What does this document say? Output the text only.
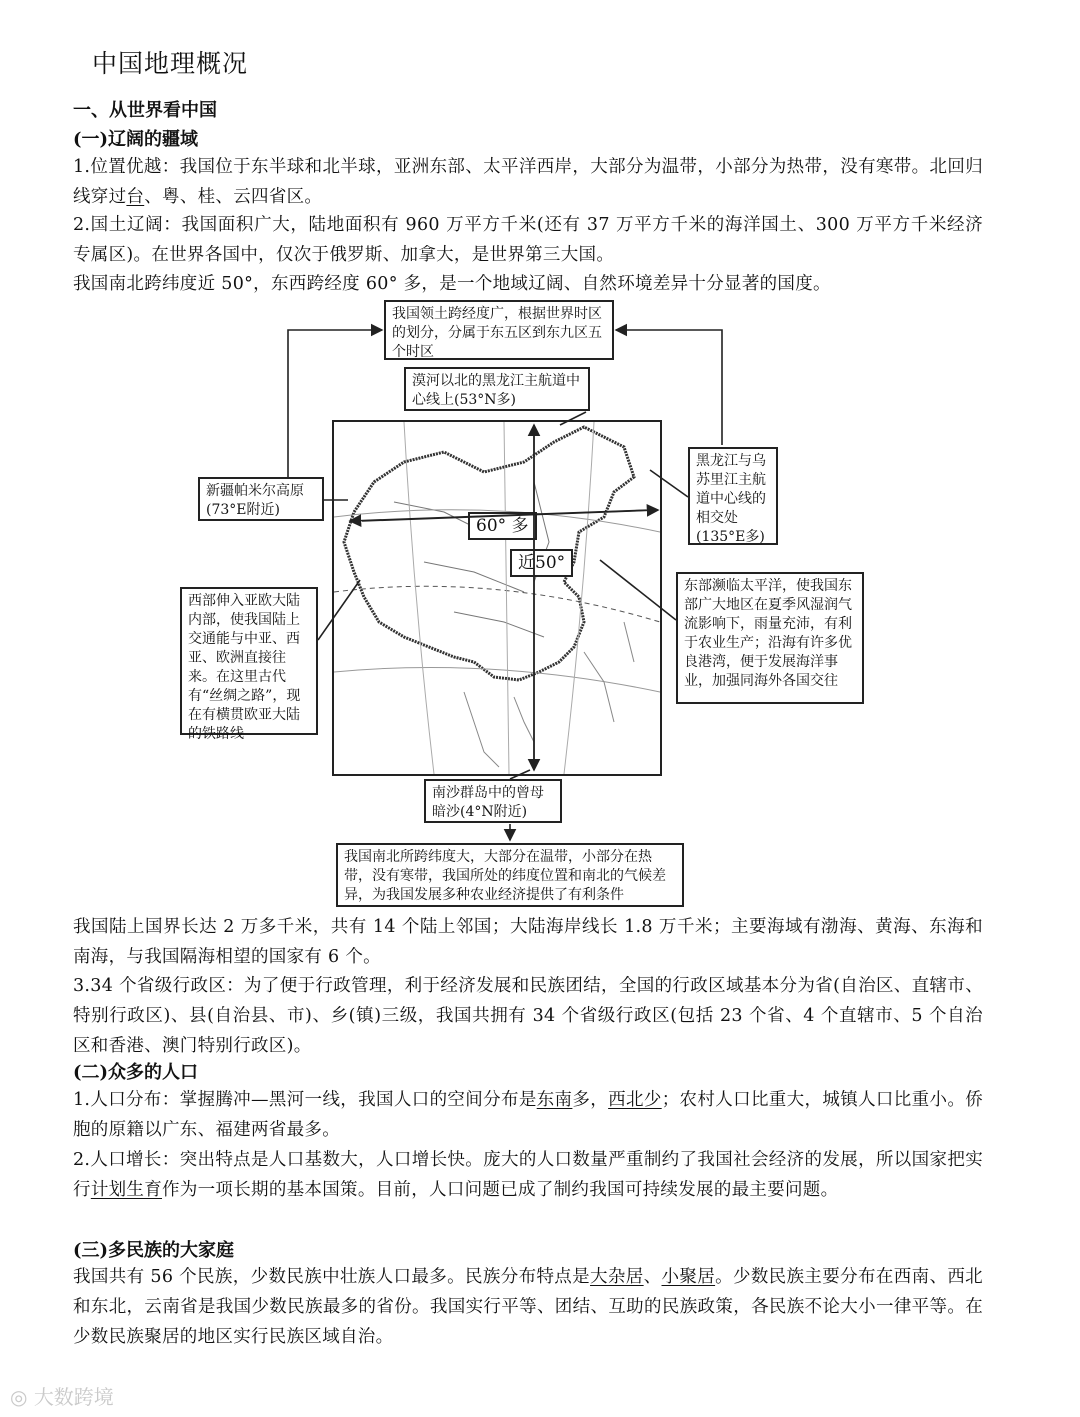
中国地理概况
一、从世界看中国
(一)辽阔的疆域
1.位置优越：我国位于东半球和北半球，亚洲东部、太平洋西岸，大部分为温带，小部分为热带，没有寒带。北回归线穿过台、粤、桂、云四省区。
2.国土辽阔：我国面积广大，陆地面积有 960 万平方千米(还有 37 万平方千米的海洋国土、300 万平方千米经济专属区)。在世界各国中，仅次于俄罗斯、加拿大，是世界第三大国。
我国南北跨纬度近 50°，东西跨经度 60° 多，是一个地域辽阔、自然环境差异十分显著的国度。
60° 多
近50°
我国领土跨经度广，根据世界时区的划分，分属于东五区到东九区五个时区
漠河以北的黑龙江主航道中心线上(53°N多)
新疆帕米尔高原(73°E附近)
黑龙江与乌苏里江主航道中心线的相交处(135°E多)
西部伸入亚欧大陆内部，使我国陆上交通能与中亚、西亚、欧洲直接往来。在这里古代有“丝绸之路”，现在有横贯欧亚大陆的铁路线
东部濒临太平洋，使我国东部广大地区在夏季风湿润气流影响下，雨量充沛，有利于农业生产；沿海有许多优良港湾，便于发展海洋事业，加强同海外各国交往
南沙群岛中的曾母暗沙(4°N附近)
我国南北所跨纬度大，大部分在温带，小部分在热带，没有寒带，我国所处的纬度位置和南北的气候差异，为我国发展多种农业经济提供了有利条件
我国陆上国界长达 2 万多千米，共有 14 个陆上邻国；大陆海岸线长 1.8 万千米；主要海域有渤海、黄海、东海和南海，与我国隔海相望的国家有 6 个。
3.34 个省级行政区：为了便于行政管理，利于经济发展和民族团结，全国的行政区域基本分为省(自治区、直辖市、特别行政区)、县(自治县、市)、乡(镇)三级，我国共拥有 34 个省级行政区(包括 23 个省、4 个直辖市、5 个自治区和香港、澳门特别行政区)。
(二)众多的人口
1.人口分布：掌握腾冲—黑河一线，我国人口的空间分布是东南多，西北少；农村人口比重大，城镇人口比重小。侨胞的原籍以广东、福建两省最多。
2.人口增长：突出特点是人口基数大，人口增长快。庞大的人口数量严重制约了我国社会经济的发展，所以国家把实行计划生育作为一项长期的基本国策。目前，人口问题已成了制约我国可持续发展的最主要问题。
(三)多民族的大家庭
我国共有 56 个民族，少数民族中壮族人口最多。民族分布特点是大杂居、小聚居。少数民族主要分布在西南、西北和东北，云南省是我国少数民族最多的省份。我国实行平等、团结、互助的民族政策，各民族不论大小一律平等。在少数民族聚居的地区实行民族区域自治。
◎ 大数跨境
